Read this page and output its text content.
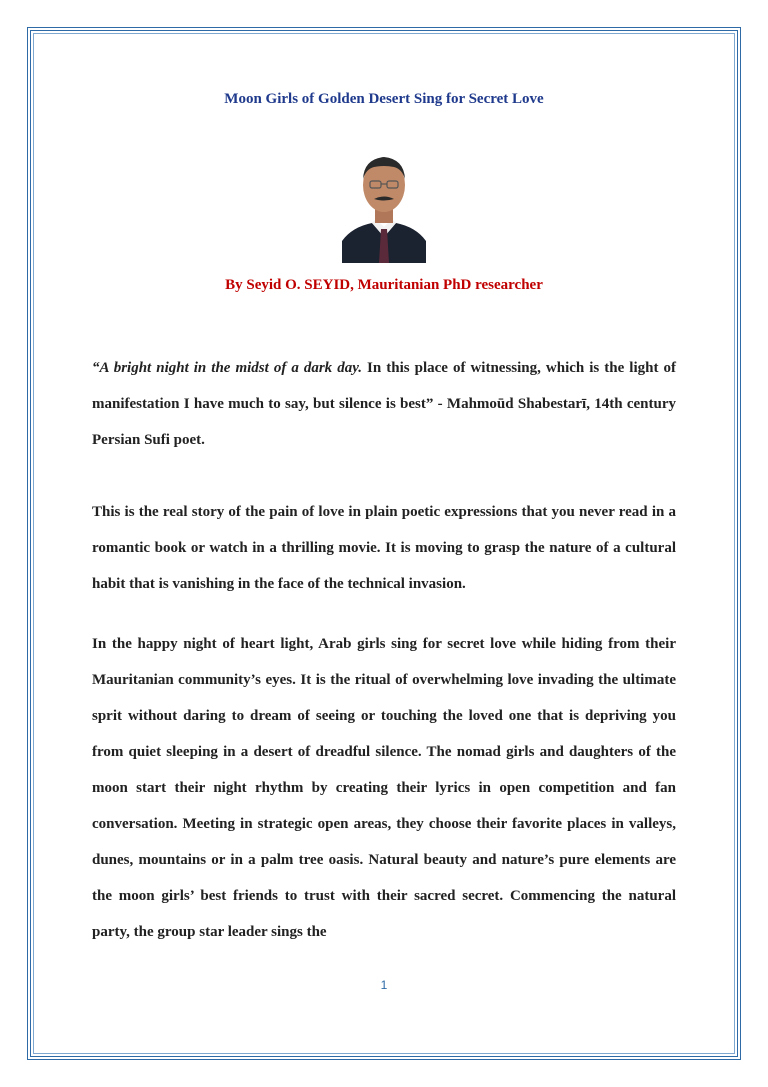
Moon Girls of Golden Desert Sing for Secret Love
By Seyid O. SEYID, Mauritanian PhD researcher
“A bright night in the midst of a dark day. In this place of witnessing, which is the light of manifestation I have much to say, but silence is best” - Mahmoūd Shabestarī, 14th century Persian Sufi poet.
This is the real story of the pain of love in plain poetic expressions that you never read in a romantic book or watch in a thrilling movie. It is moving to grasp the nature of a cultural habit that is vanishing in the face of the technical invasion.
In the happy night of heart light, Arab girls sing for secret love while hiding from their Mauritanian community’s eyes. It is the ritual of overwhelming love invading the ultimate sprit without daring to dream of seeing or touching the loved one that is depriving you from quiet sleeping in a desert of dreadful silence. The nomad girls and daughters of the moon start their night rhythm by creating their lyrics in open competition and fan conversation. Meeting in strategic open areas, they choose their favorite places in valleys, dunes, mountains or in a palm tree oasis. Natural beauty and nature’s pure elements are the moon girls’ best friends to trust with their sacred secret. Commencing the natural party, the group star leader sings the
1
